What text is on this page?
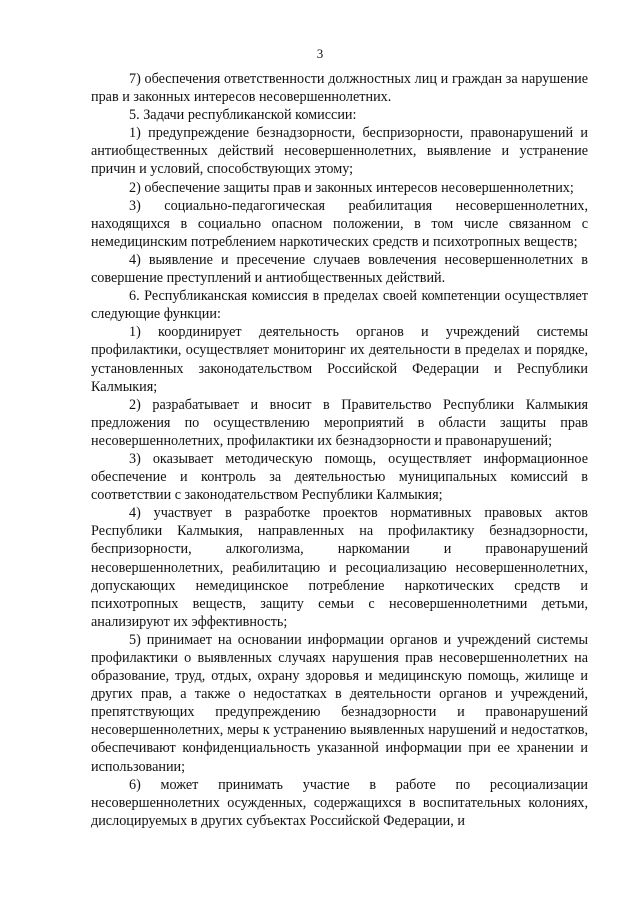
3

7) обеспечения ответственности должностных лиц и граждан за нарушение прав и законных интересов несовершеннолетних.

5. Задачи республиканской комиссии:

1) предупреждение безнадзорности, беспризорности, правонарушений и антиобщественных действий несовершеннолетних, выявление и устранение причин и условий, способствующих этому;

2) обеспечение защиты прав и законных интересов несовершеннолетних;

3) социально-педагогическая реабилитация несовершеннолетних, находящихся в социально опасном положении, в том числе связанном с немедицинским потреблением наркотических средств и психотропных веществ;

4) выявление и пресечение случаев вовлечения несовершеннолетних в совершение преступлений и антиобщественных действий.

6. Республиканская комиссия в пределах своей компетенции осуществляет следующие функции:

1) координирует деятельность органов и учреждений системы профилактики, осуществляет мониторинг их деятельности в пределах и порядке, установленных законодательством Российской Федерации и Республики Калмыкия;

2) разрабатывает и вносит в Правительство Республики Калмыкия предложения по осуществлению мероприятий в области защиты прав несовершеннолетних, профилактики их безнадзорности и правонарушений;

3) оказывает методическую помощь, осуществляет информационное обеспечение и контроль за деятельностью муниципальных комиссий в соответствии с законодательством Республики Калмыкия;

4) участвует в разработке проектов нормативных правовых актов Республики Калмыкия, направленных на профилактику безнадзорности, беспризорности, алкоголизма, наркомании и правонарушений несовершеннолетних, реабилитацию и ресоциализацию несовершеннолетних, допускающих немедицинское потребление наркотических средств и психотропных веществ, защиту семьи с несовершеннолетними детьми, анализируют их эффективность;

5) принимает на основании информации органов и учреждений системы профилактики о выявленных случаях нарушения прав несовершеннолетних на образование, труд, отдых, охрану здоровья и медицинскую помощь, жилище и других прав, а также о недостатках в деятельности органов и учреждений, препятствующих предупреждению безнадзорности и правонарушений несовершеннолетних, меры к устранению выявленных нарушений и недостатков, обеспечивают конфиденциальность указанной информации при ее хранении и использовании;

6) может принимать участие в работе по ресоциализации несовершеннолетних осужденных, содержащихся в воспитательных колониях, дислоцируемых в других субъектах Российской Федерации, и
